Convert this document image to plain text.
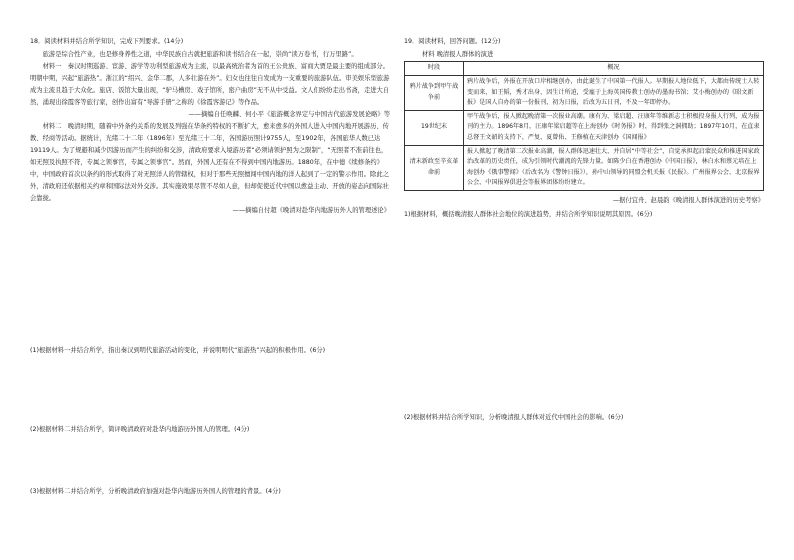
18．阅读材料并结合所学知识，完成下列要求。(14分)

旅游是综合性产业，也是修身养性之道，中华民族自古就把旅游和读书结合在一起，崇尚“读万卷书，行万里路”。

材料一　秦汉时期巡游、宦游、游学等功利型旅游成为主流，以最高统治者为首的王公贵族、富商大贾是最主要的组成部分。明朝中期，兴起“旅游热”。浙江的“绍兴、金华二郡，人多壮游在外”。妇女也往往自发成为一支重要的旅游队伍。审美娱乐型旅游成为主流且趋于大众化。旅店、饭馆大量出现，“驴马槽房、戏子馆所，密户曲房”无不从中受益。文人们纷纷走出书斋，走进大自然，涌现出徐霞客等旅行家，创作出富有“导游手册”之称的《徐霞客游记》等作品。

——摘编自任唤麟、何小平《旅游概念界定与中国古代旅游发展论略》等

材料二　晚清时期，随着中外条约关系的发展及列强在华条约特权的不断扩大，愈来愈多的外国人进入中国内地开展游历、传教、经商等活动。据统计，光绪二十二年（1896年）至光绪三十二年，各国游历照计9755人，至1902年，各国旅华人数已达19119人。为了规避和减少因游历而产生的纠纷和交涉，清政府要求入境游历者“必须请领护照为之限制”，“无照者不准前往也，如无照及执照不符，专属之领事官，专属之领事官”。然而，外国人还有在不得到中国内地游历。1880年，在中德《续修条约》中，中国政府首次以条约的形式取得了对无照洋人的管辖权，但对于那些无照擅闯中国内地的洋人起到了一定的警示作用。除此之外，清政府还依据相关约章和国际法对外交涉。其实施效果尽管不尽如人意，但却促使近代中国以愈益主动、开放的姿态向国际社会靠拢。

——摘编自付超《晚清对赴华内地游历外人的管理述论》

(1)根据材料一并结合所学，指出秦汉到明代旅游活动的变化，并说明明代“旅游热”兴起的积极作用。(6分)
(2)根据材料二并结合所学，简评晚清政府对赴华内地游历外国人的管理。(4分)
(3)根据材料二并结合所学，分析晚清政府加强对赴华内地游历外国人的管理的背景。(4分)

19．阅读材料，回答问题。(12分)

材料 晚清报人群体的演进
时段	概况
鸦片战争到甲午战争前	鸦片战争后，外报在开放口岸相继创办，由此诞生了中国第一代报人。早期报人地位低下，大都由传统士人转变而来，如王韬，秀才出身，因生计所迫，受雇于上海英国传教士创办的墨海书馆；艾小梅创办的《昭文新报》是国人自办的第一份报刊，初为日报，后改为五日刊，不及一年即停办。
19世纪末	甲午战争后，报人掀起晚清第一次报业高潮。康有为、梁启超、汪康年等维新志士积极投身报人行列，成为报刊的主力。1896年8月，汪康年梁启超等在上海创办《时务报》时，得到张之洞拥助；1897年10月，在直隶总督王文韶的支持下，严复、夏曾佑、王修植在天津创办《国闻报》
清末新政至辛亥革命前	报人掀起了晚清第二次报业高潮，报人群体迅速壮大，并自居“中等社会”，自觉承担起启蒙民众和推进国家政治改革的历史责任，成为引领时代潮流的先锋力量。如陈少白在香港创办《中国日报》，林白水和蔡元培在上海创办《俄事警闻》（后改名为《警钟日报》），孙中山领导的同盟会机关报《民报》。广州报界公会、北京报界公会、中国报界俱进会等报界团体纷纷建立。

—据付宜舟、赵晨韵《晚清报人群体演进的历史考察》

1)根据材料，概括晚清报人群体社会地位的演进趋势，并结合所学知识说明其原因。(6分)

(2)根据材料并结合所学知识，分析晚清报人群体对近代中国社会的影响。(6分)
